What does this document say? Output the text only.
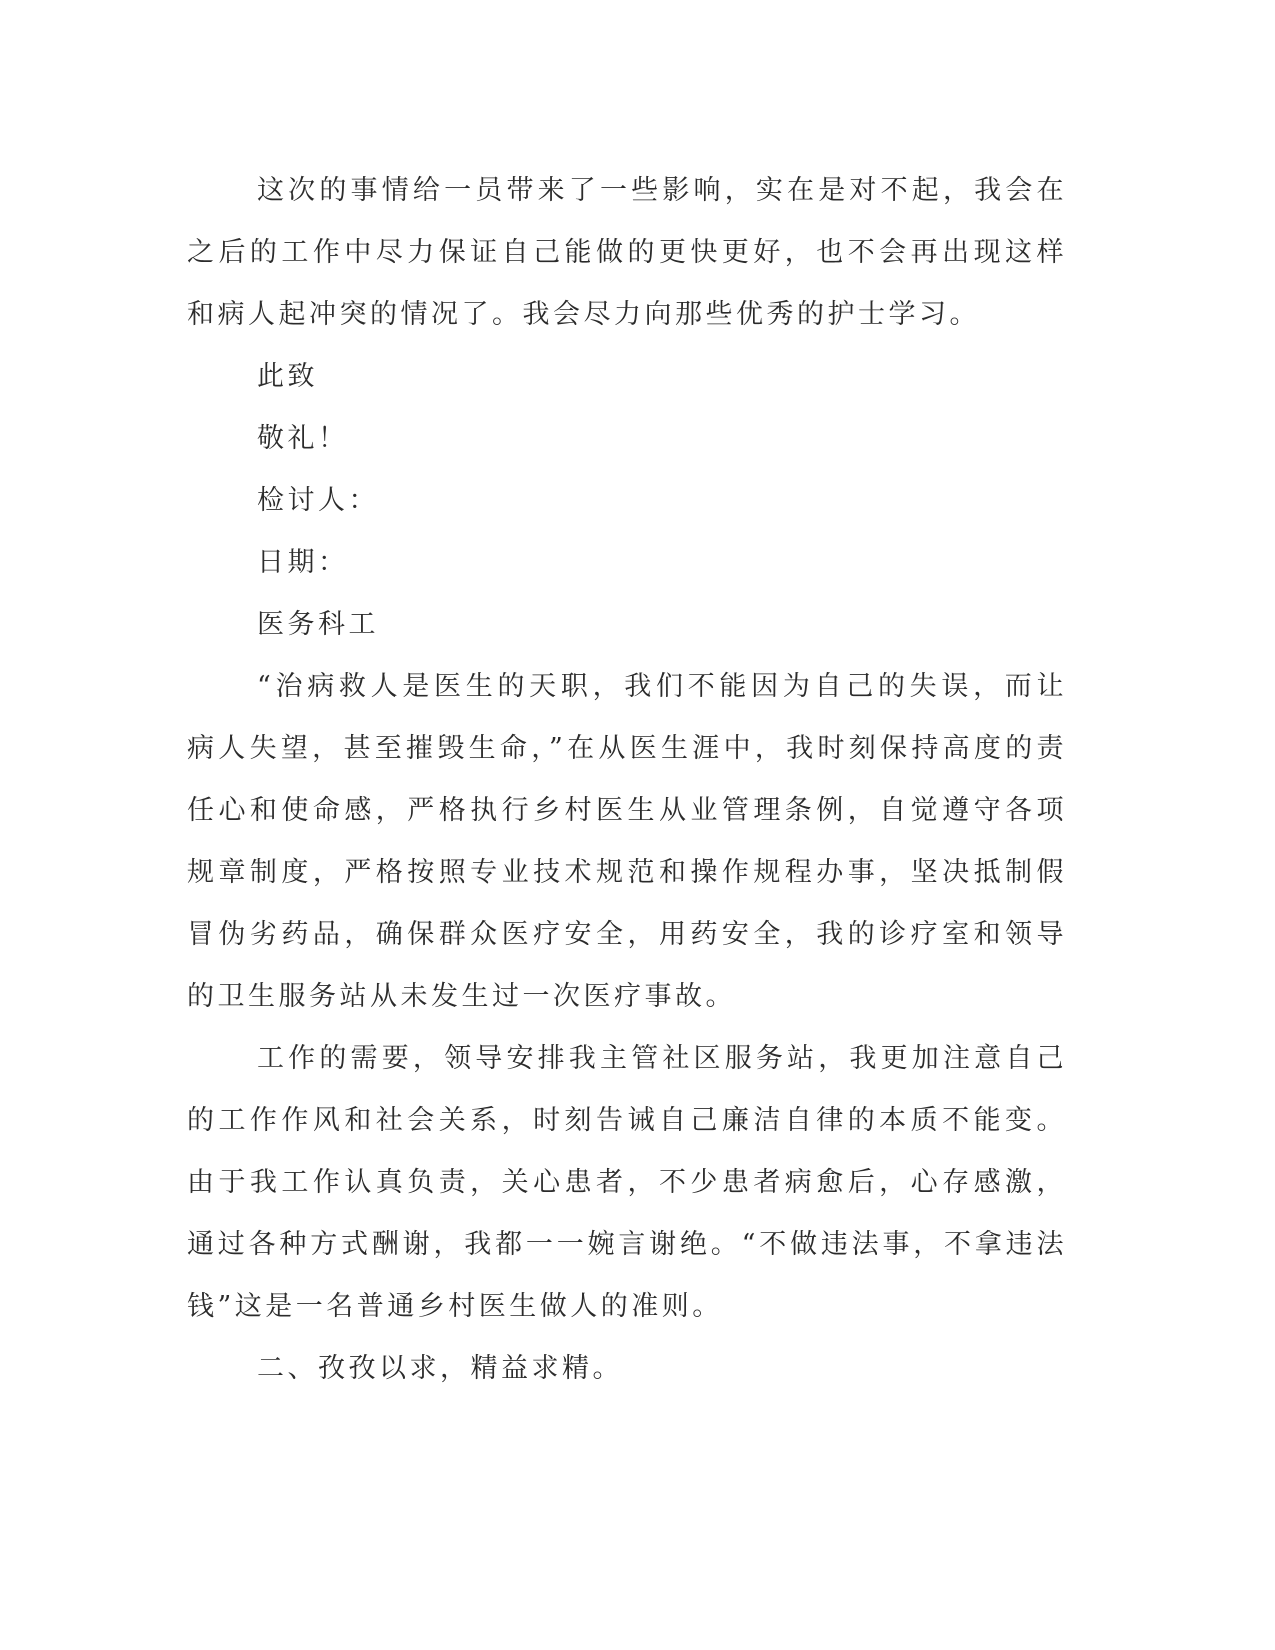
这次的事情给一员带来了一些影响，实在是对不起，我会在之后的工作中尽力保证自己能做的更快更好，也不会再出现这样和病人起冲突的情况了。我会尽力向那些优秀的护士学习。

此致

敬礼！

检讨人：

日期：

医务科工

“治病救人是医生的天职，我们不能因为自己的失误，而让病人失望，甚至摧毁生命，”在从医生涯中，我时刻保持高度的责任心和使命感，严格执行乡村医生从业管理条例，自觉遵守各项规章制度，严格按照专业技术规范和操作规程办事，坚决抵制假冒伪劣药品，确保群众医疗安全，用药安全，我的诊疗室和领导的卫生服务站从未发生过一次医疗事故。

工作的需要，领导安排我主管社区服务站，我更加注意自己的工作作风和社会关系，时刻告诫自己廉洁自律的本质不能变。由于我工作认真负责，关心患者，不少患者病愈后，心存感激，通过各种方式酬谢，我都一一婉言谢绝。“不做违法事，不拿违法钱”这是一名普通乡村医生做人的准则。

二、孜孜以求，精益求精。
